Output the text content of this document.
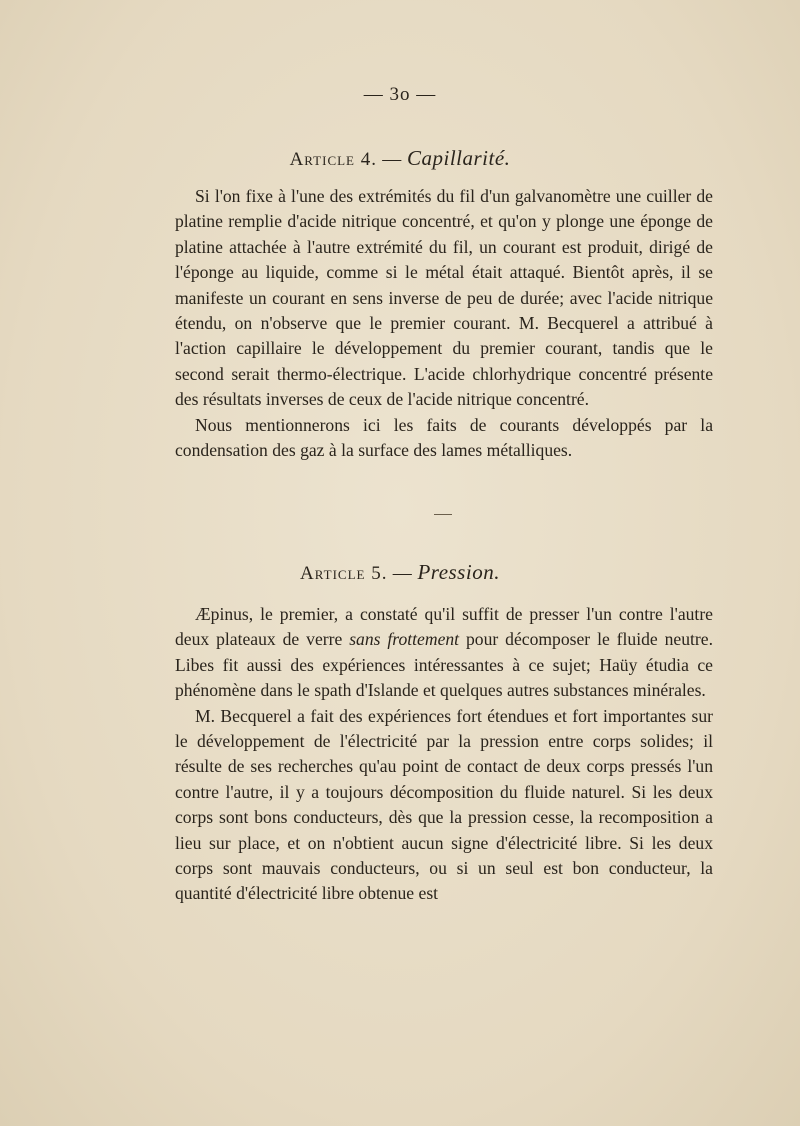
— 3o —
Article 4. — Capillarité.

Si l'on fixe à l'une des extrémités du fil d'un galvanomètre une cuiller de platine remplie d'acide nitrique concentré, et qu'on y plonge une éponge de platine attachée à l'autre extrémité du fil, un courant est produit, dirigé de l'éponge au liquide, comme si le métal était attaqué. Bientôt après, il se manifeste un courant en sens inverse de peu de durée; avec l'acide nitrique étendu, on n'observe que le premier courant. M. Becquerel a attribué à l'action capillaire le développement du premier courant, tandis que le second serait thermo-électrique. L'acide chlorhydrique concentré présente des résultats inverses de ceux de l'acide nitrique concentré.

Nous mentionnerons ici les faits de courants développés par la condensation des gaz à la surface des lames métalliques.

Article 5. — Pression.

Æpinus, le premier, a constaté qu'il suffit de presser l'un contre l'autre deux plateaux de verre sans frottement pour décomposer le fluide neutre. Libes fit aussi des expériences intéressantes à ce sujet; Haüy étudia ce phénomène dans le spath d'Islande et quelques autres substances minérales.

M. Becquerel a fait des expériences fort étendues et fort importantes sur le développement de l'électricité par la pression entre corps solides; il résulte de ses recherches qu'au point de contact de deux corps pressés l'un contre l'autre, il y a toujours décomposition du fluide naturel. Si les deux corps sont bons conducteurs, dès que la pression cesse, la recomposition a lieu sur place, et on n'obtient aucun signe d'électricité libre. Si les deux corps sont mauvais conducteurs, ou si un seul est bon conducteur, la quantité d'électricité libre obtenue est
